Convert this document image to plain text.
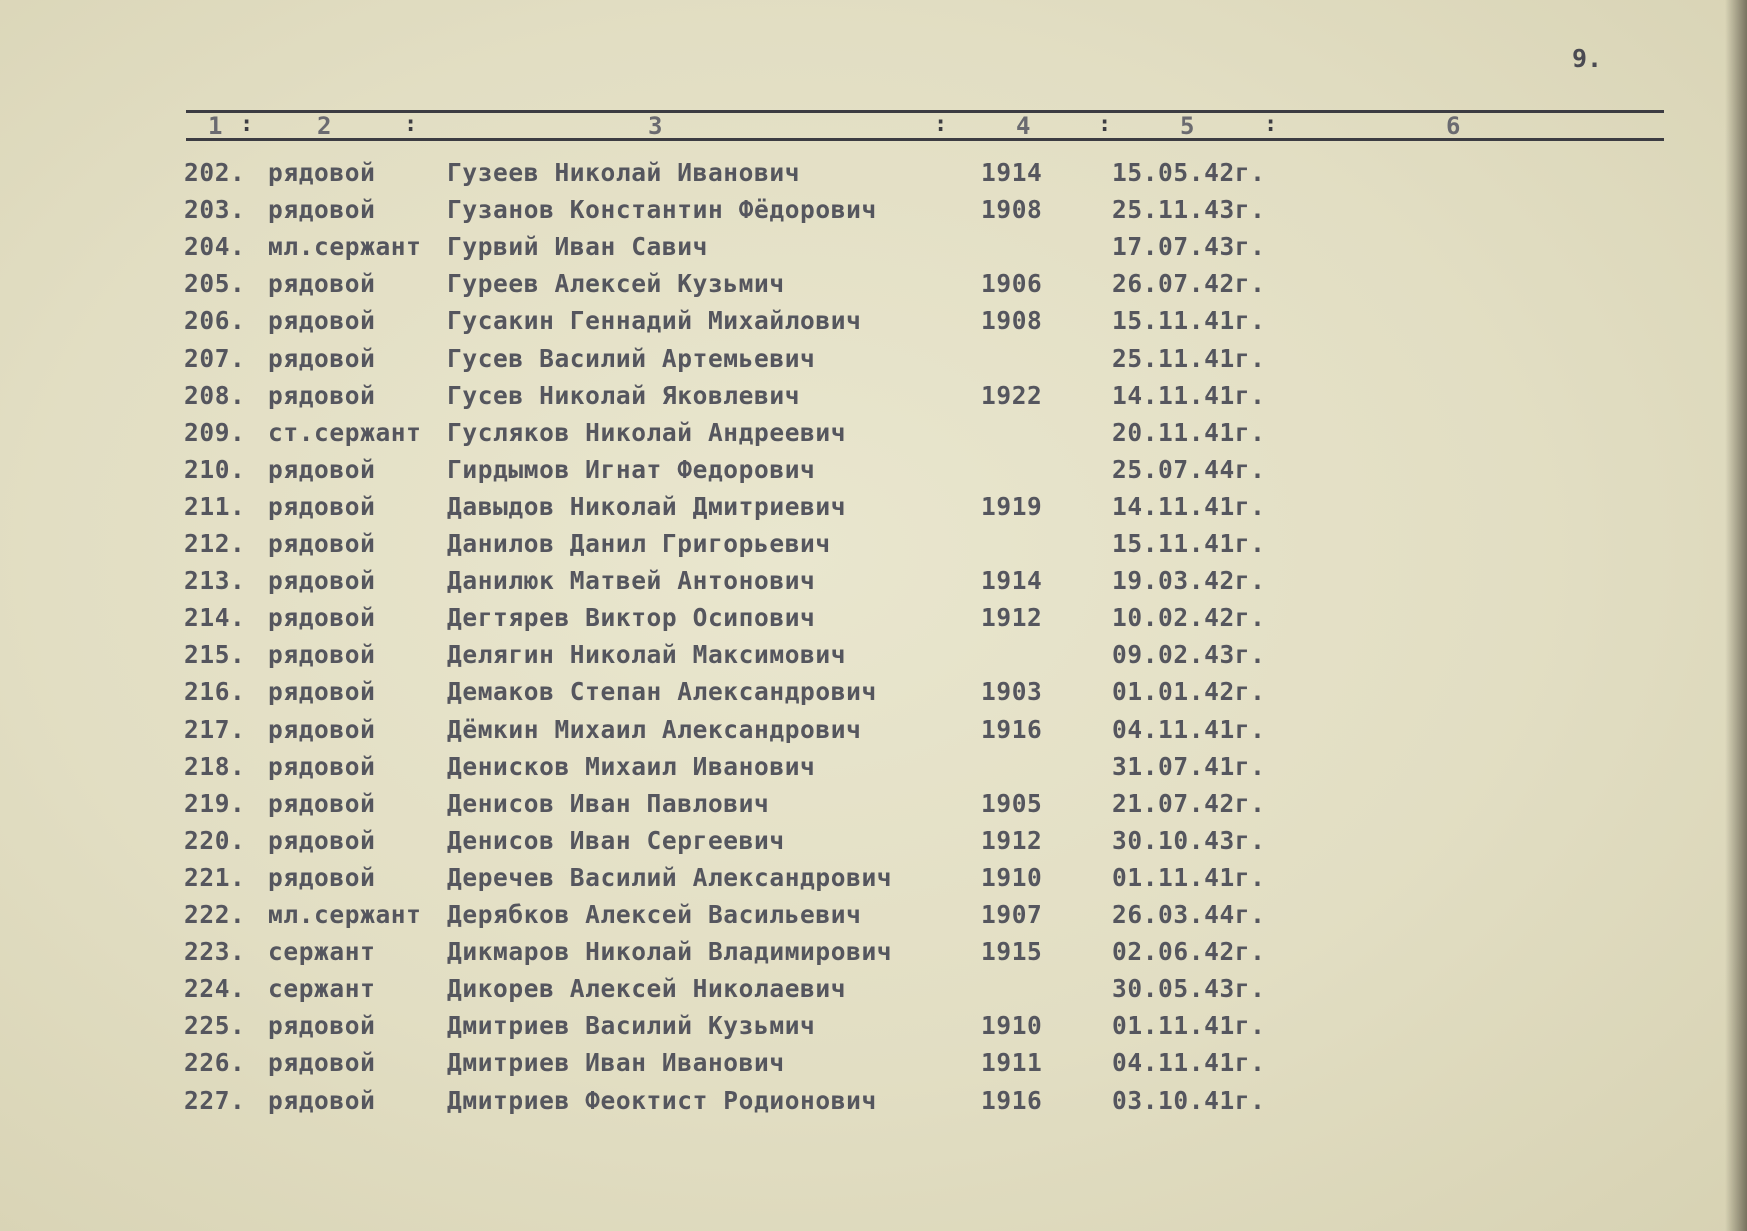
9.
1 :	2	:	3	:	4	:	5	:	6
202. рядовой	Гузеев Николай Иванович	1914	15.05.42г.
203. рядовой	Гузанов Константин Фёдорович	1908	25.11.43г.
204. мл.сержант Гурвий Иван Савич	17.07.43г.
205. рядовой	Гуреев Алексей Кузьмич	1906	26.07.42г.
206. рядовой	Гусакин Геннадий Михайлович	1908	15.11.41г.
207. рядовой	Гусев Василий Артемьевич	25.11.41г.
208. рядовой	Гусев Николай Яковлевич	1922	14.11.41г.
209. ст.сержант Гусляков Николай Андреевич	20.11.41г.
210. рядовой	Гирдымов Игнат Федорович	25.07.44г.
211. рядовой	Давыдов Николай Дмитриевич	1919	14.11.41г.
212. рядовой	Данилов Данил Григорьевич	15.11.41г.
213. рядовой	Данилюк Матвей Антонович	1914	19.03.42г.
214. рядовой	Дегтярев Виктор Осипович	1912	10.02.42г.
215. рядовой	Делягин Николай Максимович	09.02.43г.
216. рядовой	Демаков Степан Александрович	1903	01.01.42г.
217. рядовой	Дёмкин Михаил Александрович	1916	04.11.41г.
218. рядовой	Денисков Михаил Иванович	31.07.41г.
219. рядовой	Денисов Иван Павлович	1905	21.07.42г.
220. рядовой	Денисов Иван Сергеевич	1912	30.10.43г.
221. рядовой	Деречев Василий Александрович	1910	01.11.41г.
222. мл.сержант Дерябков Алексей Васильевич	1907	26.03.44г.
223. сержант	Дикмаров Николай Владимирович	1915	02.06.42г.
224. сержант	Дикорев Алексей Николаевич	30.05.43г.
225. рядовой	Дмитриев Василий Кузьмич	1910	01.11.41г.
226. рядовой	Дмитриев Иван Иванович	1911	04.11.41г.
227. рядовой	Дмитриев Феоктист Родионович	1916	03.10.41г.
